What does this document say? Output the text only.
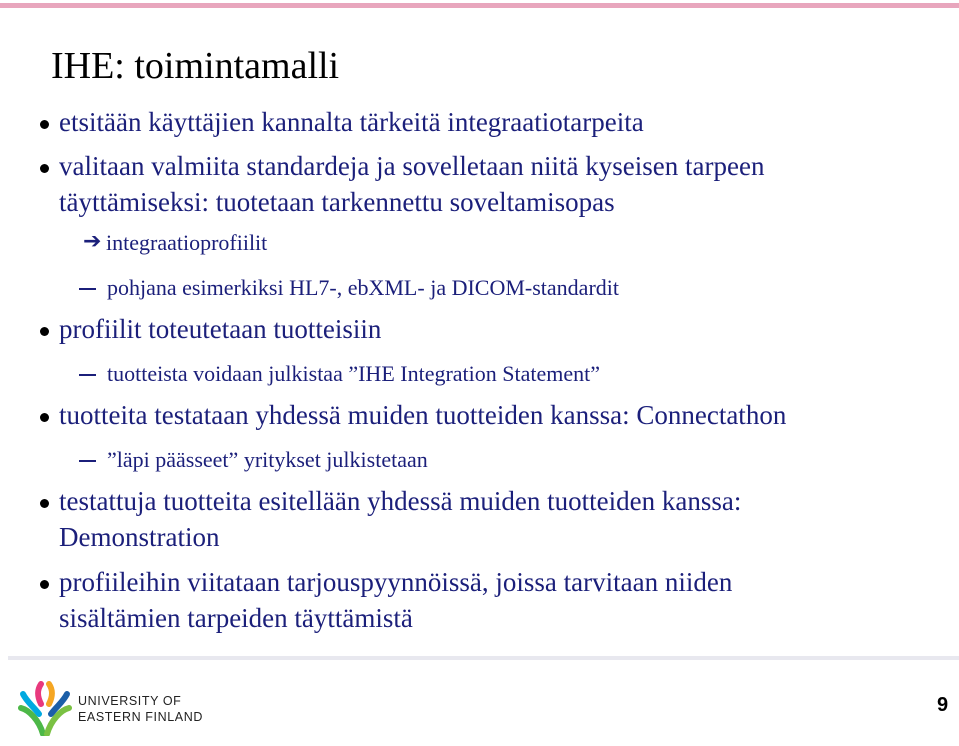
IHE: toimintamalli
etsitään käyttäjien kannalta tärkeitä integraatiotarpeita
valitaan valmiita standardeja ja sovelletaan niitä kyseisen tarpeen
täyttämiseksi: tuotetaan tarkennettu soveltamisopas
➔ integraatioprofiilit
pohjana esimerkiksi HL7-, ebXML- ja DICOM-standardit
profiilit toteutetaan tuotteisiin
tuotteista voidaan julkistaa ”IHE Integration Statement”
tuotteita testataan yhdessä muiden tuotteiden kanssa: Connectathon
”läpi päässeet” yritykset julkistetaan
testattuja tuotteita esitellään yhdessä muiden tuotteiden kanssa:
Demonstration
profiileihin viitataan tarjouspyynnöissä, joissa tarvitaan niiden
sisältämien tarpeiden täyttämistä
UNIVERSITY OF
EASTERN FINLAND
9
